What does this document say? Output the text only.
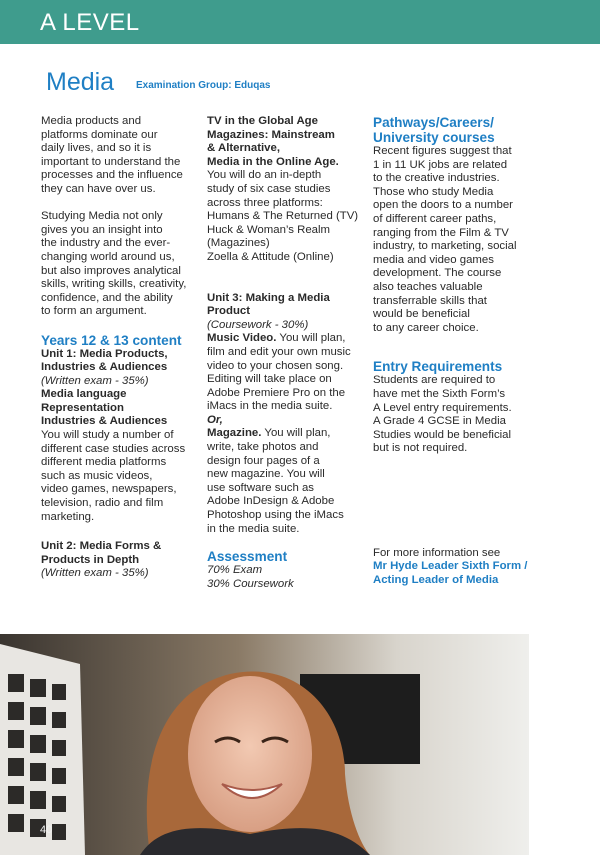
A LEVEL
Media Examination Group: Eduqas
Media products and
platforms dominate our
daily lives, and so it is
important to understand the
processes and the influence
they can have over us.
Studying Media not only
gives you an insight into
the industry and the ever-
changing world around us,
but also improves analytical
skills, writing skills, creativity,
confidence, and the ability
to form an argument.
Years 12 & 13 content
Unit 1: Media Products,
Industries & Audiences
(Written exam - 35%)
Media language
Representation
Industries & Audiences
You will study a number of
different case studies across
different media platforms
such as music videos,
video games, newspapers,
television, radio and film
marketing.
Unit 2: Media Forms &
Products in Depth
(Written exam - 35%)
TV in the Global Age
Magazines: Mainstream
& Alternative,
Media in the Online Age.
You will do an in-depth
study of six case studies
across three platforms:
Humans & The Returned (TV)
Huck & Woman’s Realm
(Magazines)
Zoella & Attitude (Online)
Unit 3: Making a Media
Product
(Coursework - 30%)
Music Video. You will plan,
film and edit your own music
video to your chosen song.
Editing will take place on
Adobe Premiere Pro on the
iMacs in the media suite.
Or,
Magazine. You will plan,
write, take photos and
design four pages of a
new magazine. You will
use software such as
Adobe InDesign & Adobe
Photoshop using the iMacs
in the media suite.
Assessment
70% Exam
30% Coursework
Pathways/Careers/
University courses
Recent figures suggest that
1 in 11 UK jobs are related
to the creative industries.
Those who study Media
open the doors to a number
of different career paths,
ranging from the Film & TV
industry, to marketing, social
media and video games
development. The course
also teaches valuable
transferrable skills that
would be beneficial
to any career choice.
Entry Requirements
Students are required to
have met the Sixth Form’s
A Level entry requirements.
A Grade 4 GCSE in Media
Studies would be beneficial
but is not required.
For more information see
Mr Hyde Leader Sixth Form /
Acting Leader of Media
40
